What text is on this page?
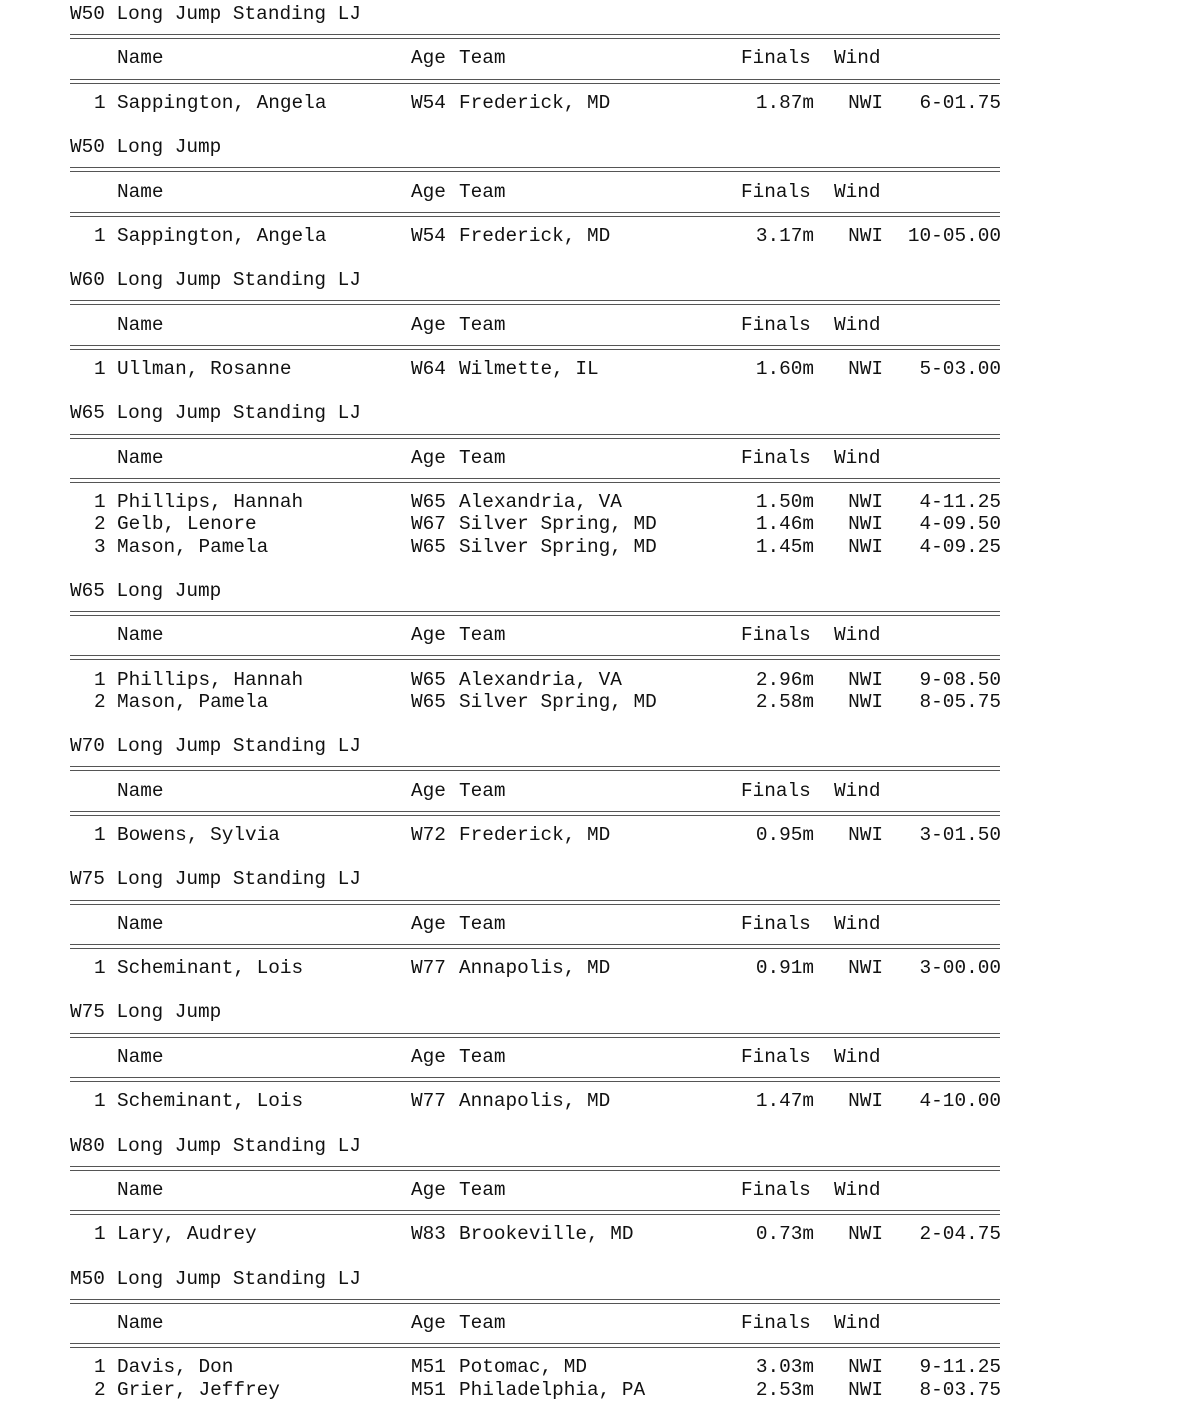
W50 Long Jump Standing LJ
Name	Age Team	Finals Wind
1 Sappington, Angela	W54 Frederick, MD	1.87m NWI 6-01.75
W50 Long Jump
Name	Age Team	Finals Wind
1 Sappington, Angela	W54 Frederick, MD	3.17m NWI 10-05.00
W60 Long Jump Standing LJ
Name	Age Team	Finals Wind
1 Ullman, Rosanne	W64 Wilmette, IL	1.60m NWI 5-03.00
W65 Long Jump Standing LJ
Name	Age Team	Finals Wind
1 Phillips, Hannah	W65 Alexandria, VA	1.50m NWI 4-11.25
2 Gelb, Lenore	W67 Silver Spring, MD	1.46m NWI 4-09.50
3 Mason, Pamela	W65 Silver Spring, MD	1.45m NWI 4-09.25
W65 Long Jump
Name	Age Team	Finals Wind
1 Phillips, Hannah	W65 Alexandria, VA	2.96m NWI 9-08.50
2 Mason, Pamela	W65 Silver Spring, MD	2.58m NWI 8-05.75
W70 Long Jump Standing LJ
Name	Age Team	Finals Wind
1 Bowens, Sylvia	W72 Frederick, MD	0.95m NWI 3-01.50
W75 Long Jump Standing LJ
Name	Age Team	Finals Wind
1 Scheminant, Lois	W77 Annapolis, MD	0.91m NWI 3-00.00
W75 Long Jump
Name	Age Team	Finals Wind
1 Scheminant, Lois	W77 Annapolis, MD	1.47m NWI 4-10.00
W80 Long Jump Standing LJ
Name	Age Team	Finals Wind
1 Lary, Audrey	W83 Brookeville, MD	0.73m NWI 2-04.75
M50 Long Jump Standing LJ
Name	Age Team	Finals Wind
1 Davis, Don	M51 Potomac, MD	3.03m NWI 9-11.25
2 Grier, Jeffrey	M51 Philadelphia, PA	2.53m NWI 8-03.75
